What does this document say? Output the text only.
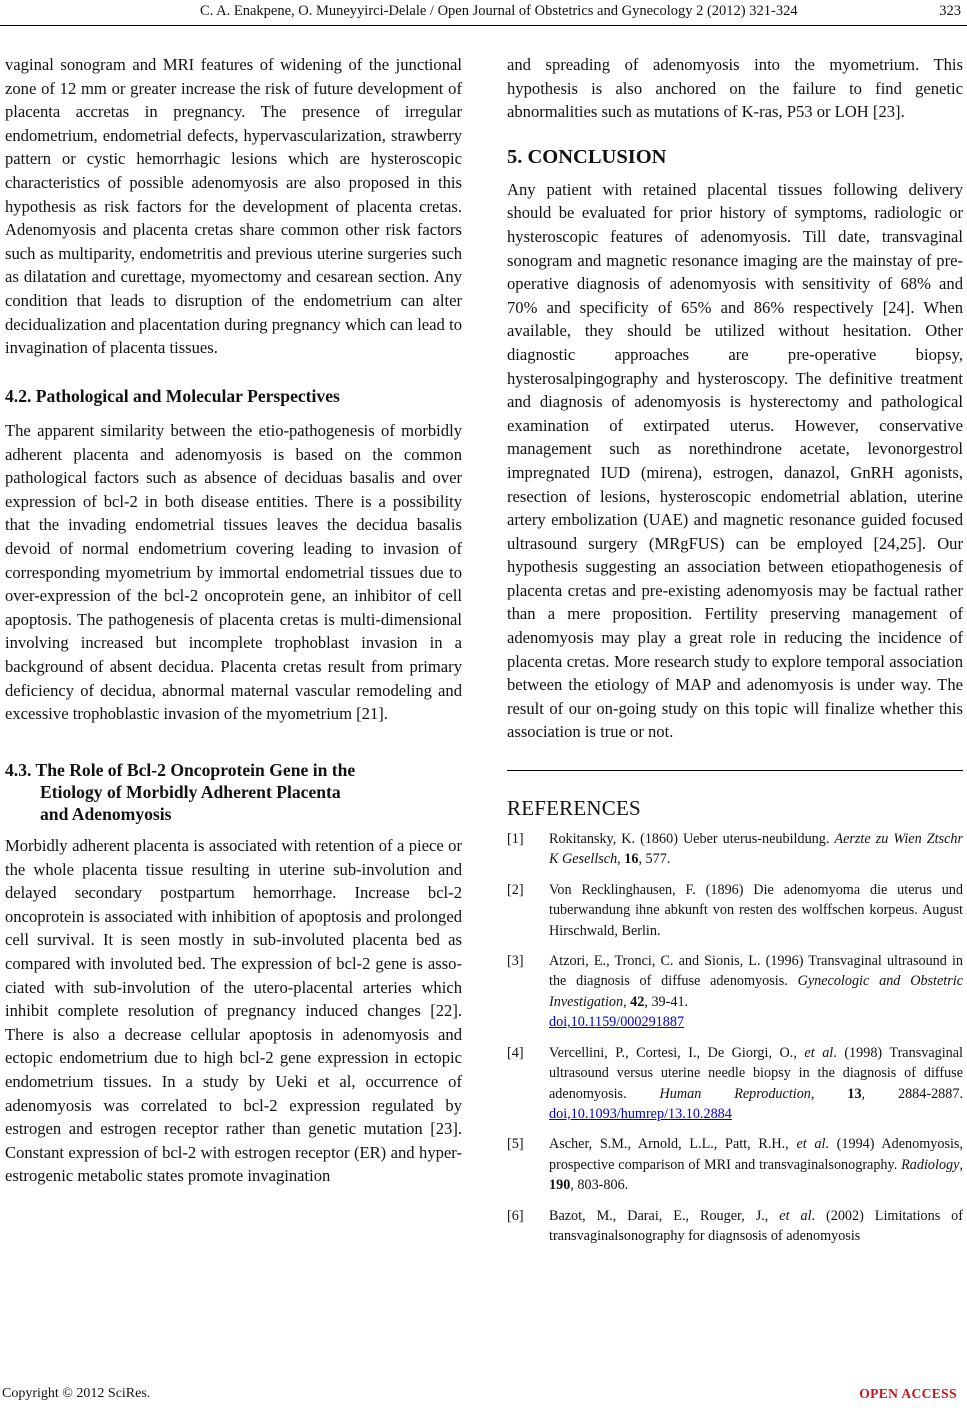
C. A. Enakpene, O. Muneyyirci-Delale / Open Journal of Obstetrics and Gynecology 2 (2012) 321-324	323

vaginal sonogram and MRI features of widening of the junctional zone of 12 mm or greater increase the risk of future development of placenta accretas in pregnancy. The presence of irregular endometrium, endometrial defects, hypervascularization, strawberry pattern or cystic hemorrhagic lesions which are hysteroscopic characteristics of possible adenomyosis are also proposed in this hypothesis as risk factors for the development of placenta cretas. Adenomyosis and placenta cretas share common other risk factors such as multiparity, endometritis and previous uterine surgeries such as dilatation and curettage, myomectomy and cesarean section. Any condition that leads to disruption of the endometrium can alter decidualization and placentation during pregnancy which can lead to invagination of placenta tissues.

4.2. Pathological and Molecular Perspectives

The apparent similarity between the etio-pathogenesis of morbidly adherent placenta and adenomyosis is based on the common pathological factors such as absence of deciduas basalis and over expression of bcl-2 in both disease entities. There is a possibility that the invading endometrial tissues leaves the decidua basalis devoid of normal endometrium covering leading to invasion of corresponding myometrium by immortal endometrial tissues due to over-expression of the bcl-2 oncoprotein gene, an inhibitor of cell apoptosis. The pathogenesis of placenta cretas is multi-dimensional involving increased but incomplete trophoblast invasion in a background of absent decidua. Placenta cretas result from primary deficiency of decidua, abnormal maternal vascular remodeling and excessive trophoblastic invasion of the myometrium [21].

4.3. The Role of Bcl-2 Oncoprotein Gene in the
Etiology of Morbidly Adherent Placenta
and Adenomyosis

Morbidly adherent placenta is associated with retention of a piece or the whole placenta tissue resulting in uterine sub-involution and delayed secondary postpartum hemorrhage. Increase bcl-2 oncoprotein is associated with inhibition of apoptosis and prolonged cell survival. It is seen mostly in sub-involuted placenta bed as compared with involuted bed. The expression of bcl-2 gene is associated with sub-involution of the utero-placental arteries which inhibit complete resolution of pregnancy induced changes [22]. There is also a decrease cellular apoptosis in adenomyosis and ectopic endometrium due to high bcl-2 gene expression in ectopic endometrium tissues. In a study by Ueki et al, occurrence of adenomyosis was correlated to bcl-2 expression regulated by estrogen and estrogen receptor rather than genetic mutation [23]. Constant expression of bcl-2 with estrogen receptor (ER) and hyper-estrogenic metabolic states promote invagination

and spreading of adenomyosis into the myometrium. This hypothesis is also anchored on the failure to find genetic abnormalities such as mutations of K-ras, P53 or LOH [23].

5. CONCLUSION

Any patient with retained placental tissues following delivery should be evaluated for prior history of symptoms, radiologic or hysteroscopic features of adenomyosis. Till date, transvaginal sonogram and magnetic resonance imaging are the mainstay of pre-operative diagnosis of adenomyosis with sensitivity of 68% and 70% and specificity of 65% and 86% respectively [24]. When available, they should be utilized without hesitation. Other diagnostic approaches are pre-operative biopsy, hysterosalpingography and hysteroscopy. The definitive treatment and diagnosis of adenomyosis is hysterectomy and pathological examination of extirpated uterus. However, conservative management such as norethindrone acetate, levonorgestrol impregnated IUD (mirena), estrogen, danazol, GnRH agonists, resection of lesions, hysteroscopic endometrial ablation, uterine artery embolization (UAE) and magnetic resonance guided focused ultrasound surgery (MRgFUS) can be employed [24,25]. Our hypothesis suggesting an association between etiopathogenesis of placenta cretas and pre-existing adenomyosis may be factual rather than a mere proposition. Fertility preserving management of adenomyosis may play a great role in reducing the incidence of placenta cretas. More research study to explore temporal association between the etiology of MAP and adenomyosis is under way. The result of our on-going study on this topic will finalize whether this association is true or not.

REFERENCES
[1] Rokitansky, K. (1860) Ueber uterus-neubildung. Aerzte zu Wien Ztschr K Gesellsch, 16, 577.
[2] Von Recklinghausen, F. (1896) Die adenomyoma die uterus und tuberwandung ihne abkunft von resten des wolffschen korpeus. August Hirschwald, Berlin.
[3] Atzori, E., Tronci, C. and Sionis, L. (1996) Transvaginal ultrasound in the diagnosis of diffuse adenomyosis. Gynecologic and Obstetric Investigation, 42, 39-41.
doi,10.1159/000291887
[4] Vercellini, P., Cortesi, I., De Giorgi, O., et al. (1998) Transvaginal ultrasound versus uterine needle biopsy in the diagnosis of diffuse adenomyosis. Human Reproduction, 13, 2884-2887. doi,10.1093/humrep/13.10.2884
[5] Ascher, S.M., Arnold, L.L., Patt, R.H., et al. (1994) Adenomyosis, prospective comparison of MRI and transvaginalsonography. Radiology, 190, 803-806.
[6] Bazot, M., Darai, E., Rouger, J., et al. (2002) Limitations of transvaginalsonography for diagnsosis of adenomyosis
Copyright © 2012 SciRes.	OPEN ACCESS
